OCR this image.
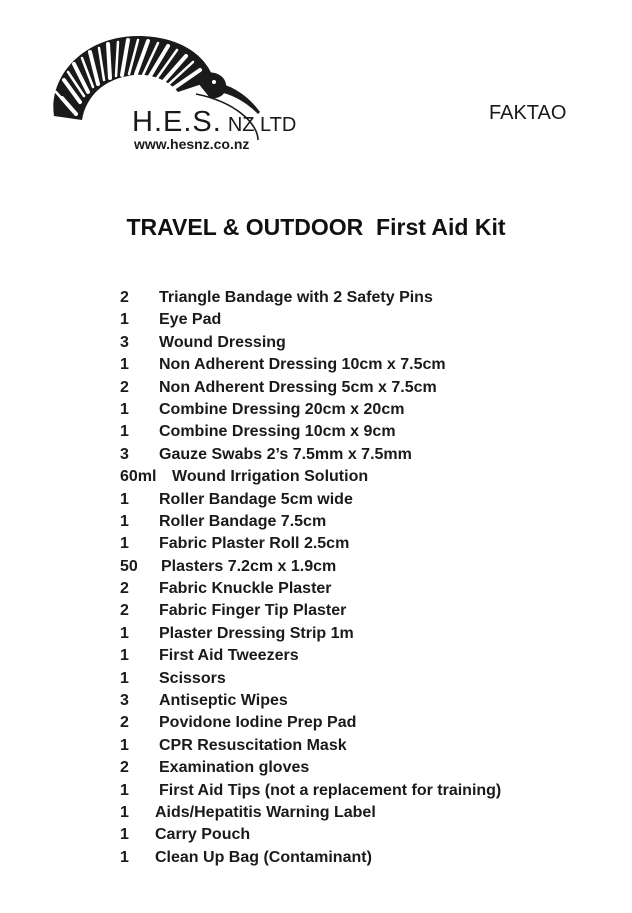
H.E.S. NZ LTD
www.hesnz.co.nz
FAKTAO
TRAVEL & OUTDOOR  First Aid Kit
2 Triangle Bandage with 2 Safety Pins
1 Eye Pad
3 Wound Dressing
1 Non Adherent Dressing 10cm x 7.5cm
2 Non Adherent Dressing 5cm x 7.5cm
1 Combine Dressing 20cm x 20cm
1 Combine Dressing 10cm x 9cm
3 Gauze Swabs 2’s 7.5mm x 7.5mm
60ml Wound Irrigation Solution
1 Roller Bandage 5cm wide
1 Roller Bandage 7.5cm
1 Fabric Plaster Roll 2.5cm
50 Plasters 7.2cm x 1.9cm
2 Fabric Knuckle Plaster
2 Fabric Finger Tip Plaster
1 Plaster Dressing Strip 1m
1 First Aid Tweezers
1 Scissors
3 Antiseptic Wipes
2 Povidone Iodine Prep Pad
1 CPR Resuscitation Mask
2 Examination gloves
1 First Aid Tips (not a replacement for training)
1 Aids/Hepatitis Warning Label
1 Carry Pouch
1 Clean Up Bag (Contaminant)
